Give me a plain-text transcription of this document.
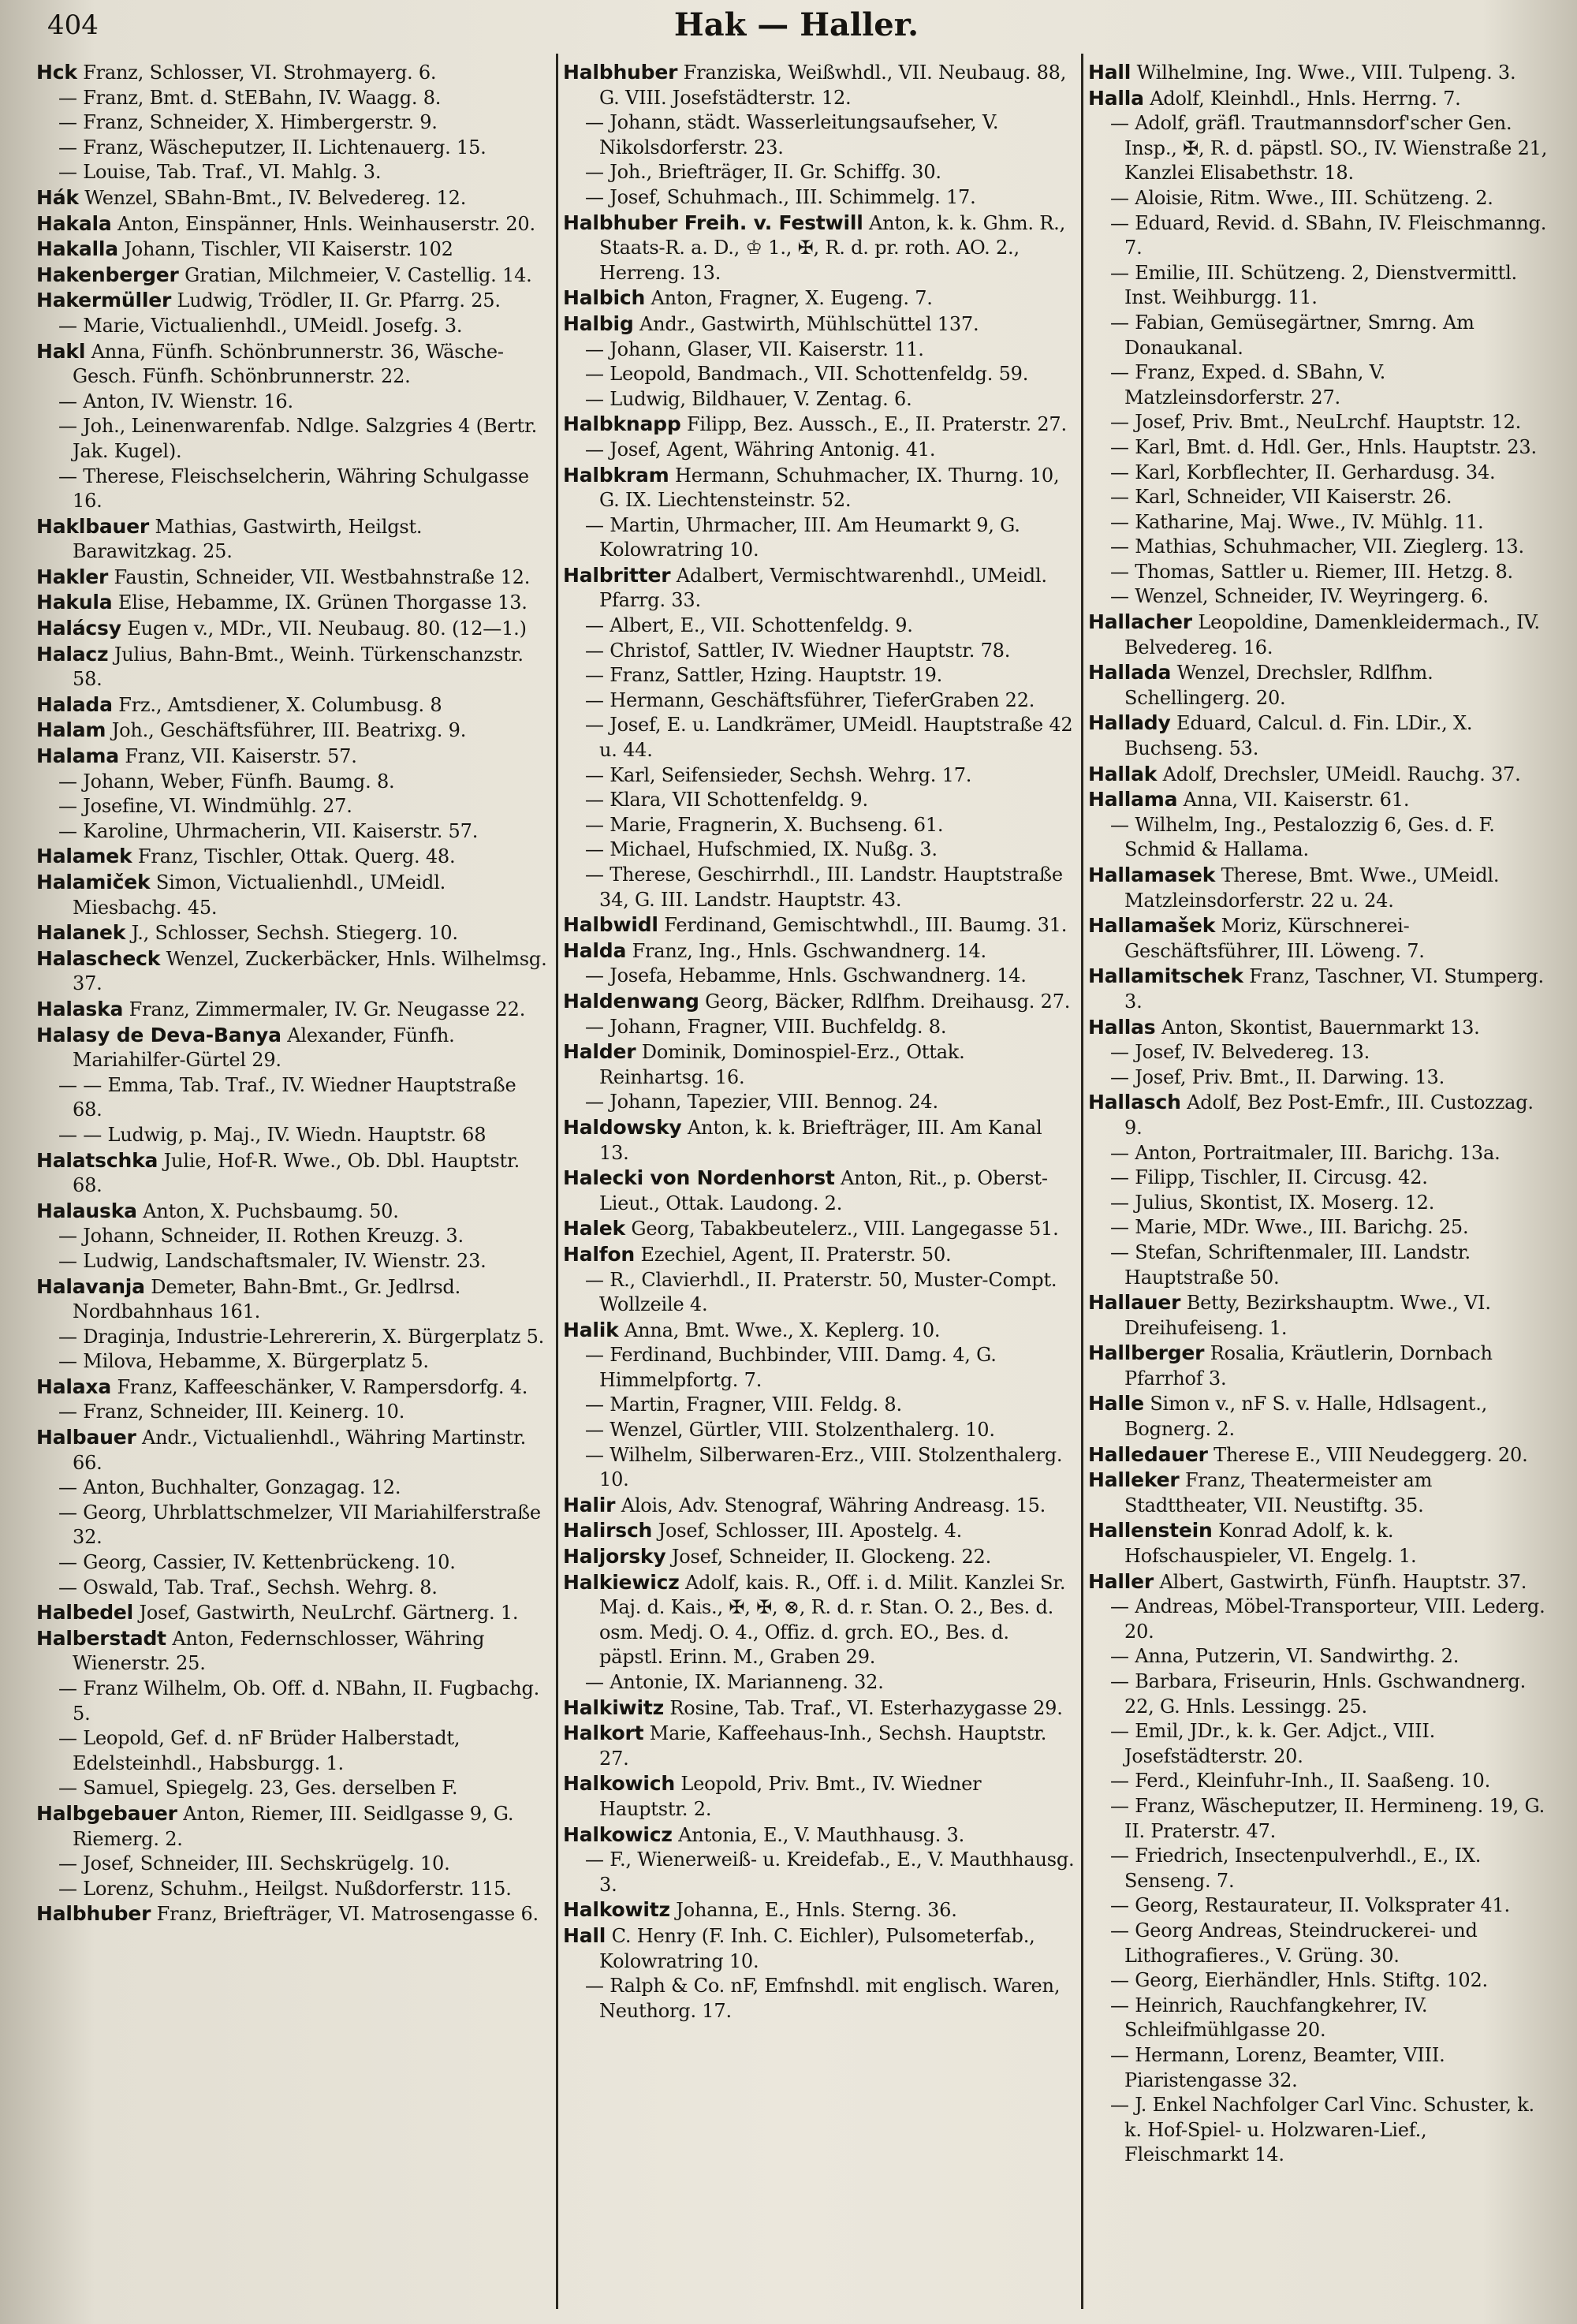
404	Hak — Haller.

Hck Franz, Schlosser, VI. Strohmayerg. 6.

— Franz, Bmt. d. StEBahn, IV. Waagg. 8.

— Franz, Schneider, X. Himbergerstr. 9.

— Franz, Wäscheputzer, II. Lichtenauerg. 15.

— Louise, Tab. Traf., VI. Mahlg. 3.

Hák Wenzel, SBahn-Bmt., IV. Belvedereg. 12.

Hakala Anton, Einspänner, Hnls. Weinhauserstr. 20.

Hakalla Johann, Tischler, VII Kaiserstr. 102

Hakenberger Gratian, Milchmeier, V. Castellig. 14.

Hakermüller Ludwig, Trödler, II. Gr. Pfarrg. 25.

— Marie, Victualienhdl., UMeidl. Josefg. 3.

Hakl Anna, Fünfh. Schönbrunnerstr. 36, Wäsche-Gesch. Fünfh. Schönbrunnerstr. 22.

— Anton, IV. Wienstr. 16.

— Joh., Leinenwarenfab. Ndlge. Salzgries 4 (Bertr. Jak. Kugel).

— Therese, Fleischselcherin, Währing Schulgasse 16.

Haklbauer Mathias, Gastwirth, Heilgst. Barawitzkag. 25.

Hakler Faustin, Schneider, VII. Westbahnstraße 12.

Hakula Elise, Hebamme, IX. Grünen Thorgasse 13.

Halácsy Eugen v., MDr., VII. Neubaug. 80. (12—1.)

Halacz Julius, Bahn-Bmt., Weinh. Türkenschanzstr. 58.

Halada Frz., Amtsdiener, X. Columbusg. 8

Halam Joh., Geschäftsführer, III. Beatrixg. 9.

Halama Franz, VII. Kaiserstr. 57.

— Johann, Weber, Fünfh. Baumg. 8.

— Josefine, VI. Windmühlg. 27.

— Karoline, Uhrmacherin, VII. Kaiserstr. 57.

Halamek Franz, Tischler, Ottak. Querg. 48.

Halamiček Simon, Victualienhdl., UMeidl. Miesbachg. 45.

Halanek J., Schlosser, Sechsh. Stiegerg. 10.

Halascheck Wenzel, Zuckerbäcker, Hnls. Wilhelmsg. 37.

Halaska Franz, Zimmermaler, IV. Gr. Neugasse 22.

Halasy de Deva-Banya Alexander, Fünfh. Mariahilfer-Gürtel 29.

— — Emma, Tab. Traf., IV. Wiedner Hauptstraße 68.

— — Ludwig, p. Maj., IV. Wiedn. Hauptstr. 68

Halatschka Julie, Hof-R. Wwe., Ob. Dbl. Hauptstr. 68.

Halauska Anton, X. Puchsbaumg. 50.

— Johann, Schneider, II. Rothen Kreuzg. 3.

— Ludwig, Landschaftsmaler, IV. Wienstr. 23.

Halavanja Demeter, Bahn-Bmt., Gr. Jedlrsd. Nordbahnhaus 161.

— Draginja, Industrie-Lehrererin, X. Bürgerplatz 5.

— Milova, Hebamme, X. Bürgerplatz 5.

Halaxa Franz, Kaffeeschänker, V. Rampersdorfg. 4.

— Franz, Schneider, III. Keinerg. 10.

Halbauer Andr., Victualienhdl., Währing Martinstr. 66.

— Anton, Buchhalter, Gonzagag. 12.

— Georg, Uhrblattschmelzer, VII Mariahilferstraße 32.

— Georg, Cassier, IV. Kettenbrückeng. 10.

— Oswald, Tab. Traf., Sechsh. Wehrg. 8.

Halbedel Josef, Gastwirth, NeuLrchf. Gärtnerg. 1.

Halberstadt Anton, Federnschlosser, Währing Wienerstr. 25.

— Franz Wilhelm, Ob. Off. d. NBahn, II. Fugbachg. 5.

— Leopold, Gef. d. nF Brüder Halberstadt, Edelsteinhdl., Habsburgg. 1.

— Samuel, Spiegelg. 23, Ges. derselben F.

Halbgebauer Anton, Riemer, III. Seidlgasse 9, G. Riemerg. 2.

— Josef, Schneider, III. Sechskrügelg. 10.

— Lorenz, Schuhm., Heilgst. Nußdorferstr. 115.

Halbhuber Franz, Briefträger, VI. Matrosengasse 6.

Halbhuber Franziska, Weißwhdl., VII. Neubaug. 88, G. VIII. Josefstädterstr. 12.

— Johann, städt. Wasserleitungsaufseher, V. Nikolsdorferstr. 23.

— Joh., Briefträger, II. Gr. Schiffg. 30.

— Josef, Schuhmach., III. Schimmelg. 17.

Halbhuber Freih. v. Festwill Anton, k. k. Ghm. R., Staats-R. a. D., ♔ 1., ✠, R. d. pr. roth. AO. 2., Herreng. 13.

Halbich Anton, Fragner, X. Eugeng. 7.

Halbig Andr., Gastwirth, Mühlschüttel 137.

— Johann, Glaser, VII. Kaiserstr. 11.

— Leopold, Bandmach., VII. Schottenfeldg. 59.

— Ludwig, Bildhauer, V. Zentag. 6.

Halbknapp Filipp, Bez. Aussch., E., II. Praterstr. 27.

— Josef, Agent, Währing Antonig. 41.

Halbkram Hermann, Schuhmacher, IX. Thurng. 10, G. IX. Liechtensteinstr. 52.

— Martin, Uhrmacher, III. Am Heumarkt 9, G. Kolowratring 10.

Halbritter Adalbert, Vermischtwarenhdl., UMeidl. Pfarrg. 33.

— Albert, E., VII. Schottenfeldg. 9.

— Christof, Sattler, IV. Wiedner Hauptstr. 78.

— Franz, Sattler, Hzing. Hauptstr. 19.

— Hermann, Geschäftsführer, TieferGraben 22.

— Josef, E. u. Landkrämer, UMeidl. Hauptstraße 42 u. 44.

— Karl, Seifensieder, Sechsh. Wehrg. 17.

— Klara, VII Schottenfeldg. 9.

— Marie, Fragnerin, X. Buchseng. 61.

— Michael, Hufschmied, IX. Nußg. 3.

— Therese, Geschirrhdl., III. Landstr. Hauptstraße 34, G. III. Landstr. Hauptstr. 43.

Halbwidl Ferdinand, Gemischtwhdl., III. Baumg. 31.

Halda Franz, Ing., Hnls. Gschwandnerg. 14.

— Josefa, Hebamme, Hnls. Gschwandnerg. 14.

Haldenwang Georg, Bäcker, Rdlfhm. Dreihausg. 27.

— Johann, Fragner, VIII. Buchfeldg. 8.

Halder Dominik, Dominospiel-Erz., Ottak. Reinhartsg. 16.

— Johann, Tapezier, VIII. Bennog. 24.

Haldowsky Anton, k. k. Briefträger, III. Am Kanal 13.

Halecki von Nordenhorst Anton, Rit., p. Oberst-Lieut., Ottak. Laudong. 2.

Halek Georg, Tabakbeutelerz., VIII. Langegasse 51.

Halfon Ezechiel, Agent, II. Praterstr. 50.

— R., Clavierhdl., II. Praterstr. 50, Muster-Compt. Wollzeile 4.

Halik Anna, Bmt. Wwe., X. Keplerg. 10.

— Ferdinand, Buchbinder, VIII. Damg. 4, G. Himmelpfortg. 7.

— Martin, Fragner, VIII. Feldg. 8.

— Wenzel, Gürtler, VIII. Stolzenthalerg. 10.

— Wilhelm, Silberwaren-Erz., VIII. Stolzenthalerg. 10.

Halir Alois, Adv. Stenograf, Währing Andreasg. 15.

Halirsch Josef, Schlosser, III. Apostelg. 4.

Haljorsky Josef, Schneider, II. Glockeng. 22.

Halkiewicz Adolf, kais. R., Off. i. d. Milit. Kanzlei Sr. Maj. d. Kais., ✠, ✠, ⊗, R. d. r. Stan. O. 2., Bes. d. osm. Medj. O. 4., Offiz. d. grch. EO., Bes. d. päpstl. Erinn. M., Graben 29.

— Antonie, IX. Marianneng. 32.

Halkiwitz Rosine, Tab. Traf., VI. Esterhazygasse 29.

Halkort Marie, Kaffeehaus-Inh., Sechsh. Hauptstr. 27.

Halkowich Leopold, Priv. Bmt., IV. Wiedner Hauptstr. 2.

Halkowicz Antonia, E., V. Mauthhausg. 3.

— F., Wienerweiß- u. Kreidefab., E., V. Mauthhausg. 3.

Halkowitz Johanna, E., Hnls. Sterng. 36.

Hall C. Henry (F. Inh. C. Eichler), Pulsometerfab., Kolowratring 10.

— Ralph & Co. nF, Emfnshdl. mit englisch. Waren, Neuthorg. 17.

Hall Wilhelmine, Ing. Wwe., VIII. Tulpeng. 3.

Halla Adolf, Kleinhdl., Hnls. Herrng. 7.

— Adolf, gräfl. Trautmannsdorf'scher Gen. Insp., ✠, R. d. päpstl. SO., IV. Wienstraße 21, Kanzlei Elisabethstr. 18.

— Aloisie, Ritm. Wwe., III. Schützeng. 2.

— Eduard, Revid. d. SBahn, IV. Fleischmanng. 7.

— Emilie, III. Schützeng. 2, Dienstvermittl. Inst. Weihburgg. 11.

— Fabian, Gemüsegärtner, Smrng. Am Donaukanal.

— Franz, Exped. d. SBahn, V. Matzleinsdorferstr. 27.

— Josef, Priv. Bmt., NeuLrchf. Hauptstr. 12.

— Karl, Bmt. d. Hdl. Ger., Hnls. Hauptstr. 23.

— Karl, Korbflechter, II. Gerhardusg. 34.

— Karl, Schneider, VII Kaiserstr. 26.

— Katharine, Maj. Wwe., IV. Mühlg. 11.

— Mathias, Schuhmacher, VII. Zieglerg. 13.

— Thomas, Sattler u. Riemer, III. Hetzg. 8.

— Wenzel, Schneider, IV. Weyringerg. 6.

Hallacher Leopoldine, Damenkleidermach., IV. Belvedereg. 16.

Hallada Wenzel, Drechsler, Rdlfhm. Schellingerg. 20.

Hallady Eduard, Calcul. d. Fin. LDir., X. Buchseng. 53.

Hallak Adolf, Drechsler, UMeidl. Rauchg. 37.

Hallama Anna, VII. Kaiserstr. 61.

— Wilhelm, Ing., Pestalozzig 6, Ges. d. F. Schmid & Hallama.

Hallamasek Therese, Bmt. Wwe., UMeidl. Matzleinsdorferstr. 22 u. 24.

Hallamašek Moriz, Kürschnerei-Geschäftsführer, III. Löweng. 7.

Hallamitschek Franz, Taschner, VI. Stumperg. 3.

Hallas Anton, Skontist, Bauernmarkt 13.

— Josef, IV. Belvedereg. 13.

— Josef, Priv. Bmt., II. Darwing. 13.

Hallasch Adolf, Bez Post-Emfr., III. Custozzag. 9.

— Anton, Portraitmaler, III. Barichg. 13a.

— Filipp, Tischler, II. Circusg. 42.

— Julius, Skontist, IX. Moserg. 12.

— Marie, MDr. Wwe., III. Barichg. 25.

— Stefan, Schriftenmaler, III. Landstr. Hauptstraße 50.

Hallauer Betty, Bezirkshauptm. Wwe., VI. Dreihufeiseng. 1.

Hallberger Rosalia, Kräutlerin, Dornbach Pfarrhof 3.

Halle Simon v., nF S. v. Halle, Hdlsagent., Bognerg. 2.

Halledauer Therese E., VIII Neudeggerg. 20.

Halleker Franz, Theatermeister am Stadttheater, VII. Neustiftg. 35.

Hallenstein Konrad Adolf, k. k. Hofschauspieler, VI. Engelg. 1.

Haller Albert, Gastwirth, Fünfh. Hauptstr. 37.

— Andreas, Möbel-Transporteur, VIII. Lederg. 20.

— Anna, Putzerin, VI. Sandwirthg. 2.

— Barbara, Friseurin, Hnls. Gschwandnerg. 22, G. Hnls. Lessingg. 25.

— Emil, JDr., k. k. Ger. Adjct., VIII. Josefstädterstr. 20.

— Ferd., Kleinfuhr-Inh., II. Saaßeng. 10.

— Franz, Wäscheputzer, II. Hermineng. 19, G. II. Praterstr. 47.

— Friedrich, Insectenpulverhdl., E., IX. Senseng. 7.

— Georg, Restaurateur, II. Volksprater 41.

— Georg Andreas, Steindruckerei- und Lithografieres., V. Grüng. 30.

— Georg, Eierhändler, Hnls. Stiftg. 102.

— Heinrich, Rauchfangkehrer, IV. Schleifmühlgasse 20.

— Hermann, Lorenz, Beamter, VIII. Piaristengasse 32.

— J. Enkel Nachfolger Carl Vinc. Schuster, k. k. Hof-Spiel- u. Holzwaren-Lief., Fleischmarkt 14.
